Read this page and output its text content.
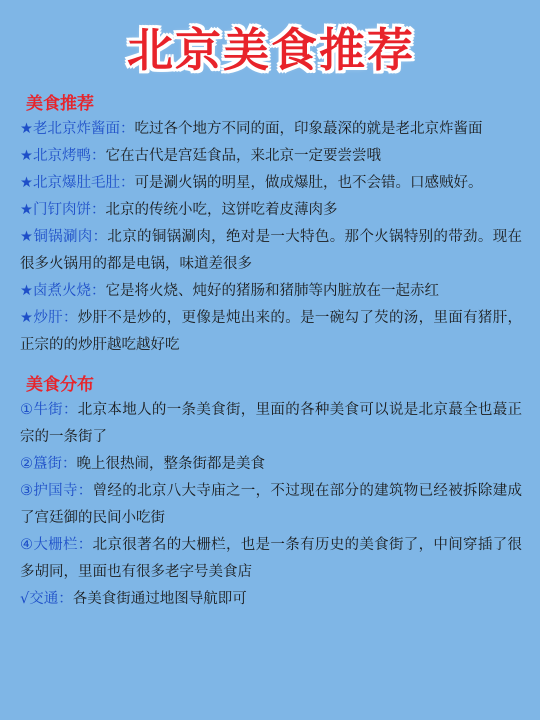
北京美食推荐
美食推荐

★老北京炸酱面：吃过各个地方不同的面，印象蕞深的就是老北京炸酱面

★北京烤鸭：它在古代是宫廷食品，来北京一定要尝尝哦

★北京爆肚毛肚：可是涮火锅的明星，做成爆肚，也不会错。口感贼好。

★门钉肉饼：北京的传统小吃，这饼吃着皮薄肉多

★铜锅涮肉：北京的铜锅涮肉，绝对是一大特色。那个火锅特别的带劲。现在很多火锅用的都是电锅，味道差很多

★卤煮火烧：它是将火烧、炖好的猪肠和猪肺等内脏放在一起赤红

★炒肝：炒肝不是炒的，更像是炖出来的。是一碗勾了芡的汤，里面有猪肝，正宗的的炒肝越吃越好吃

美食分布

①牛街：北京本地人的一条美食街，里面的各种美食可以说是北京蕞全也蕞正宗的一条街了

②簋街：晚上很热闹，整条街都是美食

③护国寺：曾经的北京八大寺庙之一，不过现在部分的建筑物已经被拆除建成了宫廷御的民间小吃街

④大栅栏：北京很著名的大栅栏，也是一条有历史的美食街了，中间穿插了很多胡同，里面也有很多老字号美食店

√交通：各美食街通过地图导航即可
